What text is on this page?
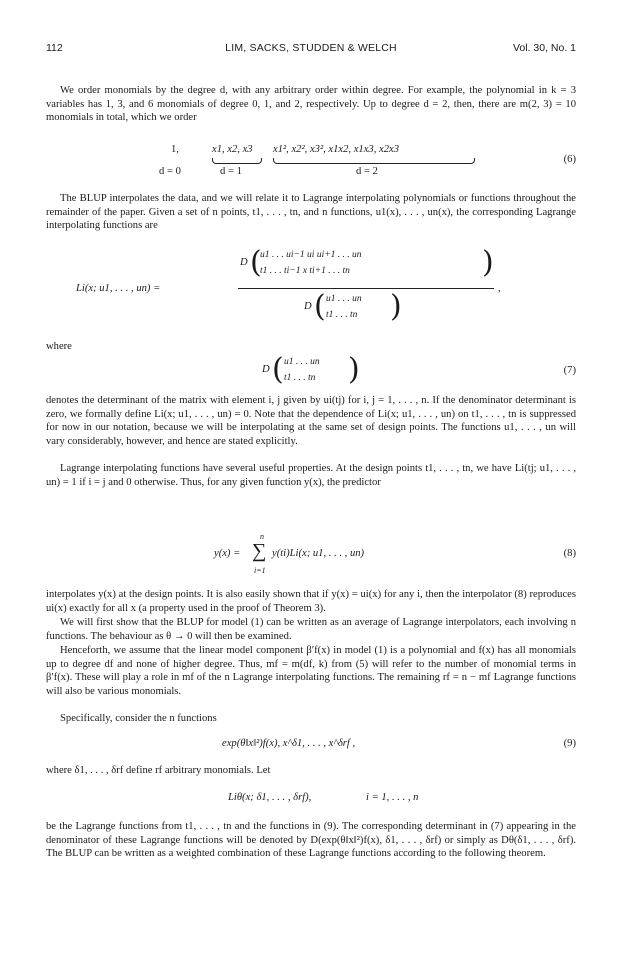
112	LIM, SACKS, STUDDEN & WELCH	Vol. 30, No. 1

We order monomials by the degree d, with any arbitrary order within degree. For example, the polynomial in k = 3 variables has 1, 3, and 6 monomials of degree 0, 1, and 2, respectively. Up to degree d = 2, then, there are m(2, 3) = 10 monomials in total, which we order

1,	x1, x2, x3 x1², x2², x3², x1x2, x1x3, x2x3
d = 0	d = 1	d = 2
(6)

The BLUP interpolates the data, and we will relate it to Lagrange interpolating polynomials or functions throughout the remainder of the paper. Given a set of n points, t1, . . . , tn, and n functions, u1(x), . . . , un(x), the corresponding Lagrange interpolating functions are

Li(x; u1, . . . , un) =
D (
u1 . . . ui−1 ui ui+1 . . . un
t1 . . . ti−1 x ti+1 . . . tn	)
D ( u1 . . . un
t1 . . . tn )
,

where

D ( u1 . . . un
t1 . . . tn )	(7)

denotes the determinant of the matrix with element i, j given by ui(tj) for i, j = 1, . . . , n. If the denominator determinant is zero, we formally define Li(x; u1, . . . , un) = 0. Note that the dependence of Li(x; u1, . . . , un) on t1, . . . , tn is suppressed for now in our notation, because we will be interpolating at the same set of design points. The functions u1, . . . , un will vary considerably, however, and hence are stated explicitly.

Lagrange interpolating functions have several useful properties. At the design points t1, . . . , tn, we have Li(tj; u1, . . . , un) = 1 if i = j and 0 otherwise. Thus, for any given function y(x), the predictor

y(x) =
n
∑
i=1
y(ti)Li(x; u1, . . . , un)	(8)

interpolates y(x) at the design points. It is also easily shown that if y(x) = ui(x) for any i, then the interpolator (8) reproduces ui(x) exactly for all x (a property used in the proof of Theorem 3).

We will first show that the BLUP for model (1) can be written as an average of Lagrange interpolators, each involving n functions. The behaviour as θ → 0 will then be examined.

Henceforth, we assume that the linear model component β′f(x) in model (1) is a polynomial and f(x) has all monomials up to degree df and none of higher degree. Thus, mf = m(df, k) from (5) will refer to the number of monomial terms in β′f(x). These will play a role in mf of the n Lagrange interpolating functions. The remaining rf = n − mf Lagrange functions will also be various monomials.

Specifically, consider the n functions

exp(θ‖x‖²)f(x), x^δ1, . . . , x^δrf ,	(9)

where δ1, . . . , δrf define rf arbitrary monomials. Let

Liθ(x; δ1, . . . , δrf),	i = 1, . . . , n

be the Lagrange functions from t1, . . . , tn and the functions in (9). The corresponding determinant in (7) appearing in the denominator of these Lagrange functions will be denoted by D(exp(θ‖x‖²)f(x), δ1, . . . , δrf) or simply as Dθ(δ1, . . . , δrf). The BLUP can be written as a weighted combination of these Lagrange functions according to the following theorem.
